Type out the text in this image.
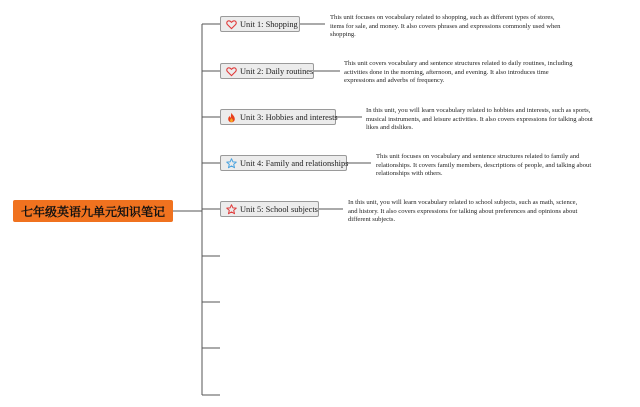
七年级英语九单元知识笔记
Unit 1: Shopping
This unit focuses on vocabulary related to shopping, such as different types of stores, items for sale, and money. It also covers phrases and expressions commonly used when shopping.
Unit 2: Daily routines
This unit covers vocabulary and sentence structures related to daily routines, including activities done in the morning, afternoon, and evening. It also introduces time expressions and adverbs of frequency.
Unit 3: Hobbies and interests
In this unit, you will learn vocabulary related to hobbies and interests, such as sports, musical instruments, and leisure activities. It also covers expressions for talking about likes and dislikes.
Unit 4: Family and relationships
This unit focuses on vocabulary and sentence structures related to family and relationships. It covers family members, descriptions of people, and talking about relationships with others.
Unit 5: School subjects
In this unit, you will learn vocabulary related to school subjects, such as math, science, and history. It also covers expressions for talking about preferences and opinions about different subjects.
